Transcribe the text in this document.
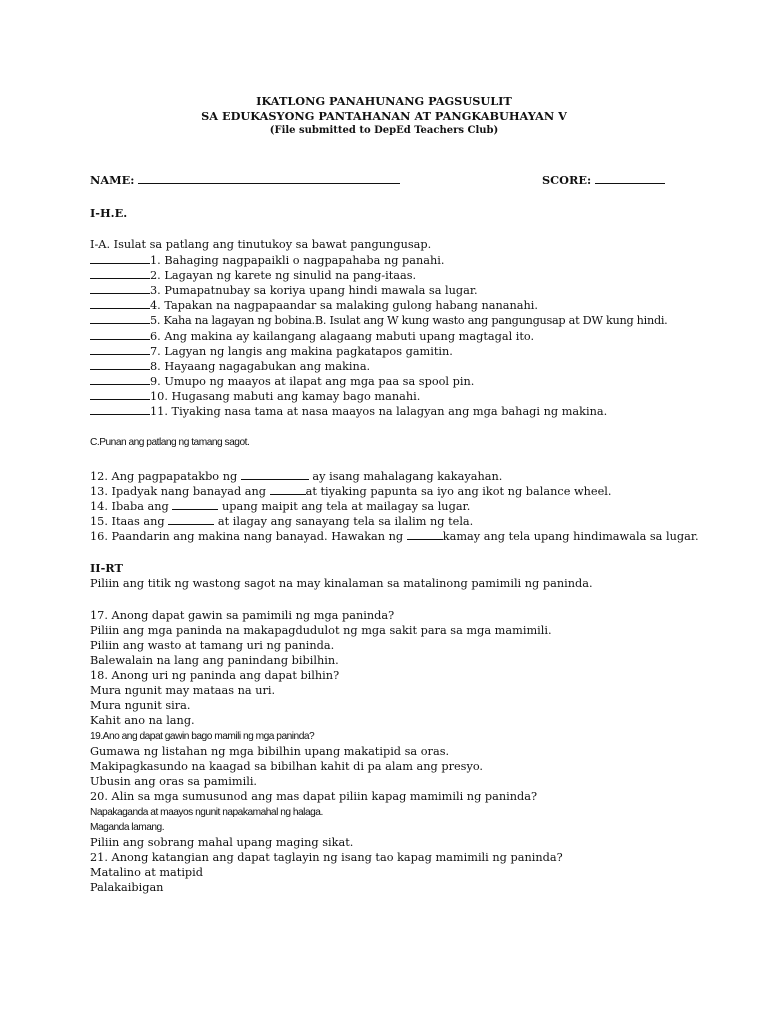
IKATLONG PANAHUNANG PAGSUSULIT
SA EDUKASYONG PANTAHANAN AT PANGKABUHAYAN V
(File submitted to DepEd Teachers Club)
NAME:	SCORE:
I-H.E.
I-A. Isulat sa patlang ang tinutukoy sa bawat pangungusap.
1. Bahaging nagpapaikli o nagpapahaba ng panahi.
2. Lagayan ng karete ng sinulid na pang-itaas.
3. Pumapatnubay sa koriya upang hindi mawala sa lugar.
4. Tapakan na nagpapaandar sa malaking gulong habang nananahi.
5. Kaha na lagayan ng bobina.B. Isulat ang W kung wasto ang pangungusap at DW kung hindi.
6. Ang makina ay kailangang alagaang mabuti upang magtagal ito.
7. Lagyan ng langis ang makina pagkatapos gamitin.
8. Hayaang nagagabukan ang makina.
9. Umupo ng maayos at ilapat ang mga paa sa spool pin.
10. Hugasang mabuti ang kamay bago manahi.
11. Tiyaking nasa tama at nasa maayos na lalagyan ang mga bahagi ng makina.
C.Punan ang patlang ng tamang sagot.
12. Ang pagpapatakbo ng	ay isang mahalagang kakayahan.
13. Ipadyak nang banayad ang	at tiyaking papunta sa iyo ang ikot ng balance wheel.
14. Ibaba ang	upang maipit ang tela at mailagay sa lugar.
15. Itaas ang	at ilagay ang sanayang tela sa ilalim ng tela.
16. Paandarin ang makina nang banayad. Hawakan ng	kamay ang tela upang hindimawala sa lugar.
II-RT
Piliin ang titik ng wastong sagot na may kinalaman sa matalinong pamimili ng paninda.
17. Anong dapat gawin sa pamimili ng mga paninda?
Piliin ang mga paninda na makapagdudulot ng mga sakit para sa mga mamimili.
Piliin ang wasto at tamang uri ng paninda.
Balewalain na lang ang panindang bibilhin.
18. Anong uri ng paninda ang dapat bilhin?
Mura ngunit may mataas na uri.
Mura ngunit sira.
Kahit ano na lang.
19.Ano ang dapat gawin bago mamili ng mga paninda?
Gumawa ng listahan ng mga bibilhin upang makatipid sa oras.
Makipagkasundo na kaagad sa bibilhan kahit di pa alam ang presyo.
Ubusin ang oras sa pamimili.
20. Alin sa mga sumusunod ang mas dapat piliin kapag mamimili ng paninda?
Napakaganda at maayos ngunit napakamahal ng halaga.
Maganda lamang.
Piliin ang sobrang mahal upang maging sikat.
21. Anong katangian ang dapat taglayin ng isang tao kapag mamimili ng paninda?
Matalino at matipid
Palakaibigan
